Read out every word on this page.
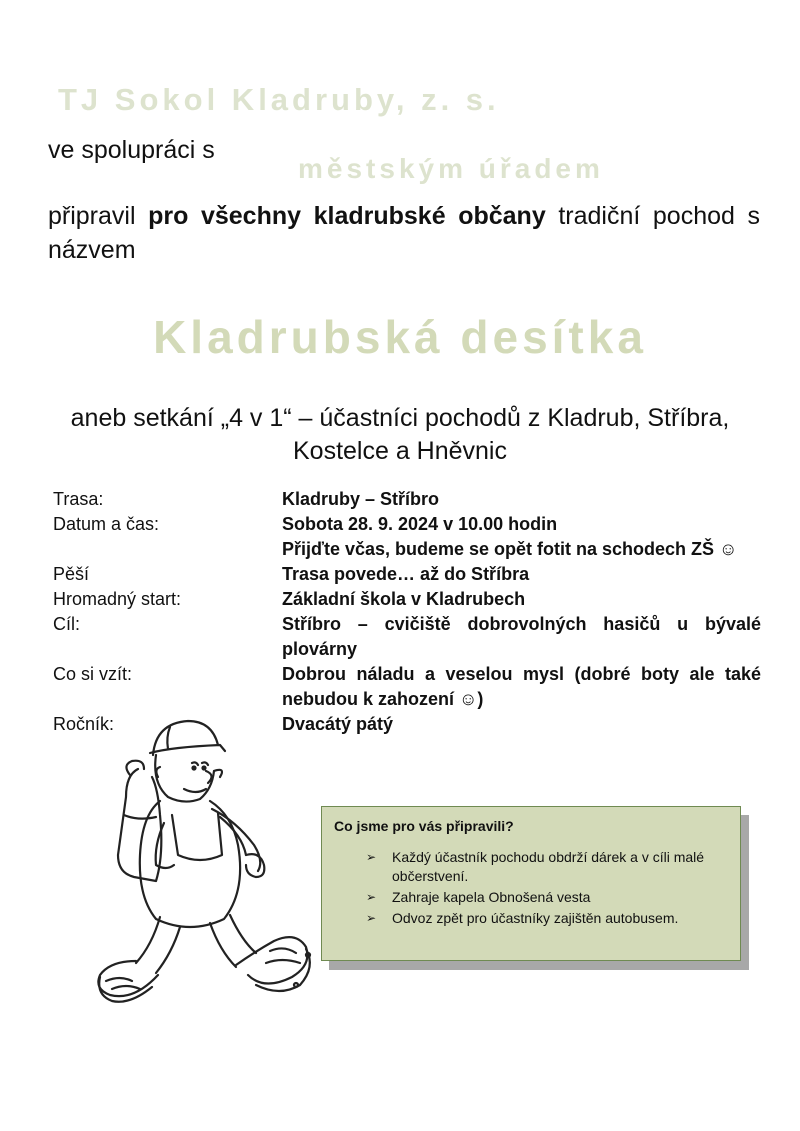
TJ Sokol Kladruby, z. s.
ve spolupráci s
městským úřadem
připravil pro všechny kladrubské občany tradiční pochod s názvem
Kladrubská desítka
aneb setkání „4 v 1“ – účastníci pochodů z Kladrub, Stříbra, Kostelce a Hněvnic
Trasa:	Kladruby – Stříbro
Datum a čas:	Sobota 28. 9. 2024 v 10.00 hodin
Přijďte včas, budeme se opět fotit na schodech ZŠ ☺
Pěší	Trasa povede… až do Stříbra
Hromadný start:	Základní škola v Kladrubech
Cíl:	Stříbro – cvičiště dobrovolných hasičů u bývalé plovárny
Co si vzít:	Dobrou náladu a veselou mysl (dobré boty ale také nebudou k zahození ☺)
Ročník:	Dvacátý pátý
Co jsme pro vás připravili?
➢ Každý účastník pochodu obdrží dárek a v cíli malé občerstvení.
➢ Zahraje kapela Obnošená vesta
➢ Odvoz zpět pro účastníky zajištěn autobusem.
